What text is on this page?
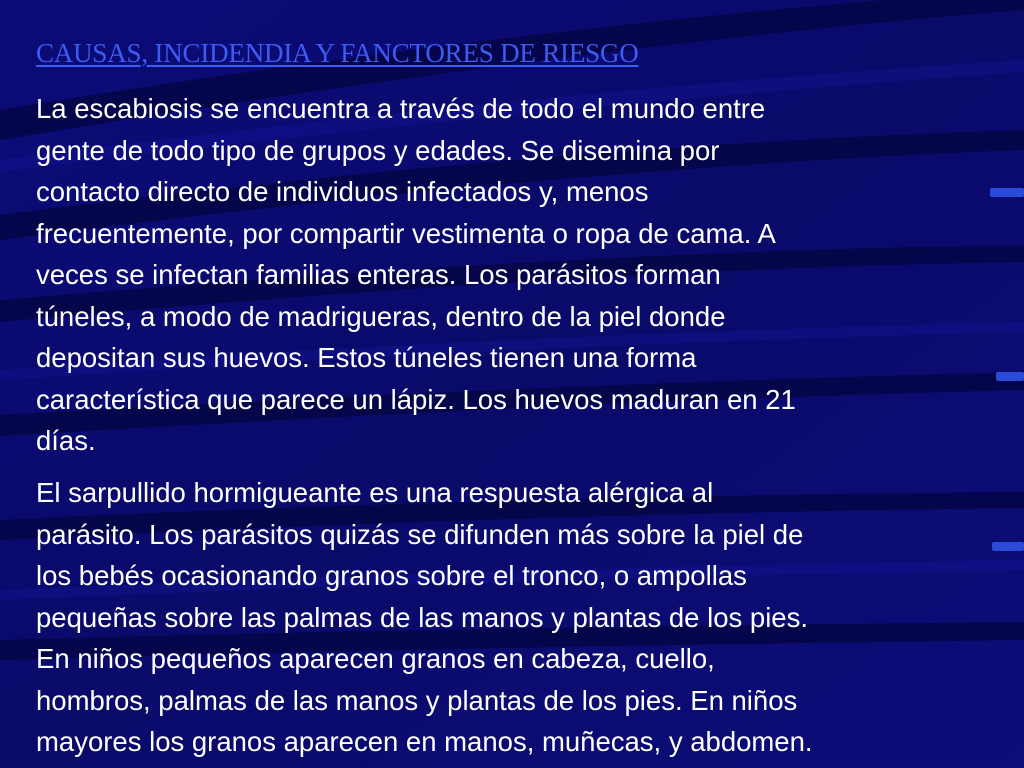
CAUSAS, INCIDENDIA Y FANCTORES DE RIESGO

La escabiosis se encuentra a través de todo el mundo entre
gente de todo tipo de grupos y edades. Se disemina por
contacto directo de individuos infectados y, menos
frecuentemente, por compartir vestimenta o ropa de cama. A
veces se infectan familias enteras. Los parásitos forman
túneles, a modo de madrigueras, dentro de la piel donde
depositan sus huevos. Estos túneles tienen una forma
característica que parece un lápiz. Los huevos maduran en 21
días.

El sarpullido hormigueante es una respuesta alérgica al
parásito. Los parásitos quizás se difunden más sobre la piel de
los bebés ocasionando granos sobre el tronco, o ampollas
pequeñas sobre las palmas de las manos y plantas de los pies.
En niños pequeños aparecen granos en cabeza, cuello,
hombros, palmas de las manos y plantas de los pies. En niños
mayores los granos aparecen en manos, muñecas, y abdomen.
